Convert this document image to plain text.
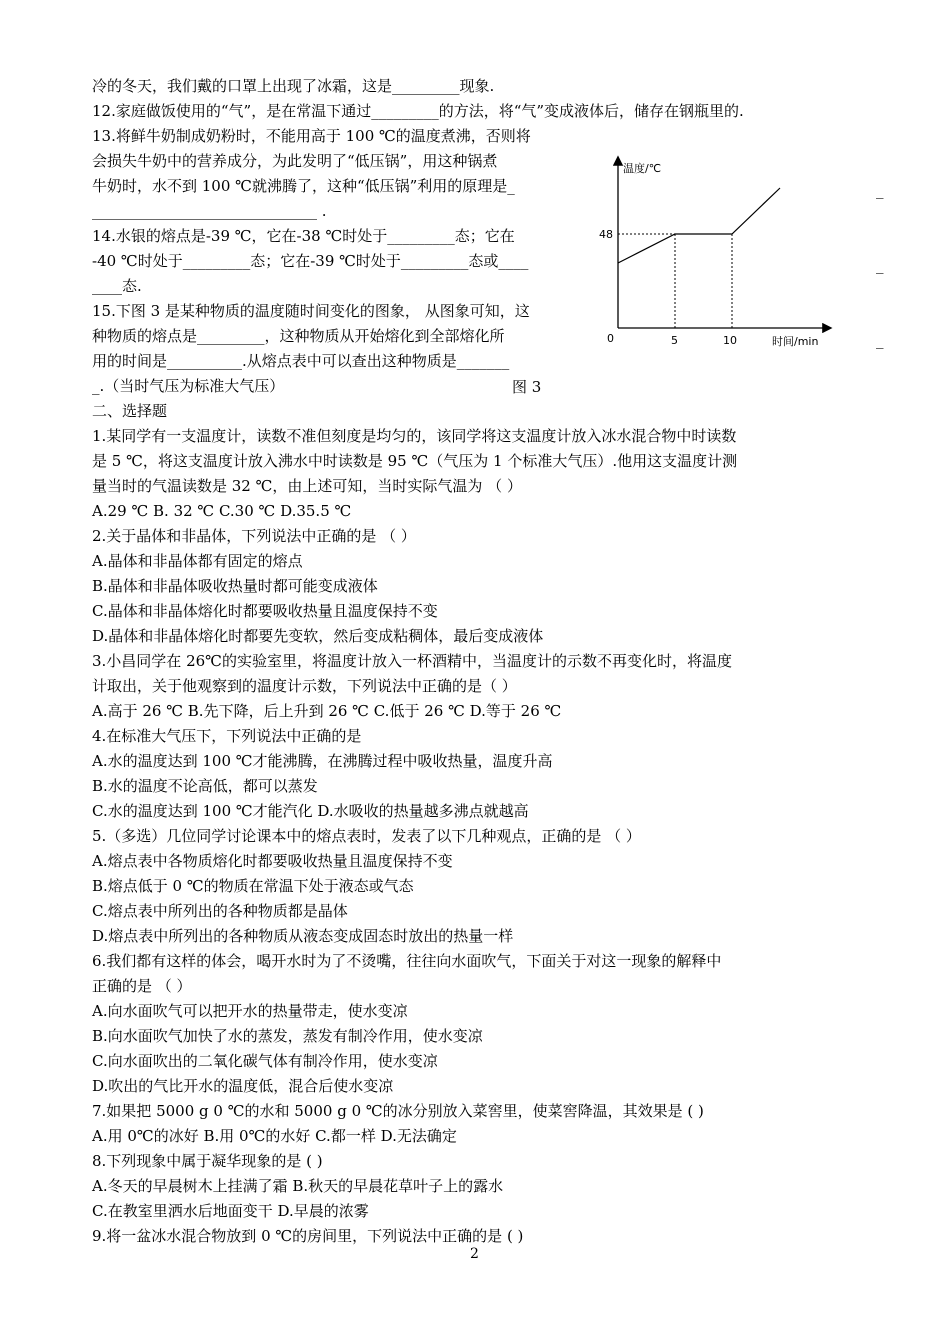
冷的冬天，我们戴的口罩上出现了冰霜，这是_________现象.
12.家庭做饭使用的“气”，是在常温下通过_________的方法，将“气”变成液体后，储存在钢瓶里的.
13.将鲜牛奶制成奶粉时，不能用高于 100 ℃的温度煮沸，否则将
会损失牛奶中的营养成分，为此发明了“低压锅”，用这种锅煮
牛奶时，水不到 100 ℃就沸腾了，这种“低压锅”利用的原理是_
______________________________ .
14.水银的熔点是-39 ℃，它在-38 ℃时处于_________态；它在
-40 ℃时处于_________态；它在-39 ℃时处于_________态或____
____态.
15.下图 3 是某种物质的温度随时间变化的图象， 从图象可知，这
种物质的熔点是_________，这种物质从开始熔化到全部熔化所
用的时间是__________.从熔点表中可以查出这种物质是_______
_.（当时气压为标准大气压）
二、选择题
1.某同学有一支温度计，读数不准但刻度是均匀的，该同学将这支温度计放入冰水混合物中时读数
是 5 ℃，将这支温度计放入沸水中时读数是 95 ℃（气压为 1 个标准大气压）.他用这支温度计测
量当时的气温读数是 32 ℃，由上述可知，当时实际气温为 （ ）
A.29 ℃ B. 32 ℃ C.30 ℃ D.35.5 ℃
2.关于晶体和非晶体，下列说法中正确的是 （ ）
A.晶体和非晶体都有固定的熔点
B.晶体和非晶体吸收热量时都可能变成液体
C.晶体和非晶体熔化时都要吸收热量且温度保持不变
D.晶体和非晶体熔化时都要先变软，然后变成粘稠体，最后变成液体
3.小昌同学在 26℃的实验室里，将温度计放入一杯酒精中，当温度计的示数不再变化时，将温度
计取出，关于他观察到的温度计示数，下列说法中正确的是（ ）
A.高于 26 ℃ B.先下降，后上升到 26 ℃ C.低于 26 ℃ D.等于 26 ℃
4.在标准大气压下，下列说法中正确的是
A.水的温度达到 100 ℃才能沸腾，在沸腾过程中吸收热量，温度升高
B.水的温度不论高低，都可以蒸发
C.水的温度达到 100 ℃才能汽化 D.水吸收的热量越多沸点就越高
5.（多选）几位同学讨论课本中的熔点表时，发表了以下几种观点，正确的是 （ ）
A.熔点表中各物质熔化时都要吸收热量且温度保持不变
B.熔点低于 0 ℃的物质在常温下处于液态或气态
C.熔点表中所列出的各种物质都是晶体
D.熔点表中所列出的各种物质从液态变成固态时放出的热量一样
6.我们都有这样的体会，喝开水时为了不烫嘴，往往向水面吹气，下面关于对这一现象的解释中
正确的是 （ ）
A.向水面吹气可以把开水的热量带走，使水变凉
B.向水面吹气加快了水的蒸发，蒸发有制冷作用，使水变凉
C.向水面吹出的二氧化碳气体有制冷作用，使水变凉
D.吹出的气比开水的温度低，混合后使水变凉
7.如果把 5000 g 0 ℃的水和 5000 g 0 ℃的冰分别放入菜窖里，使菜窖降温，其效果是 ( )
A.用 0℃的冰好 B.用 0℃的水好 C.都一样 D.无法确定
8.下列现象中属于凝华现象的是 ( )
A.冬天的早晨树木上挂满了霜 B.秋天的早晨花草叶子上的露水
C.在教室里洒水后地面变干 D.早晨的浓雾
9.将一盆冰水混合物放到 0 ℃的房间里，下列说法中正确的是 ( )
_
_
_
温度/℃
时间/min
0
48
5	10
图 3
2
